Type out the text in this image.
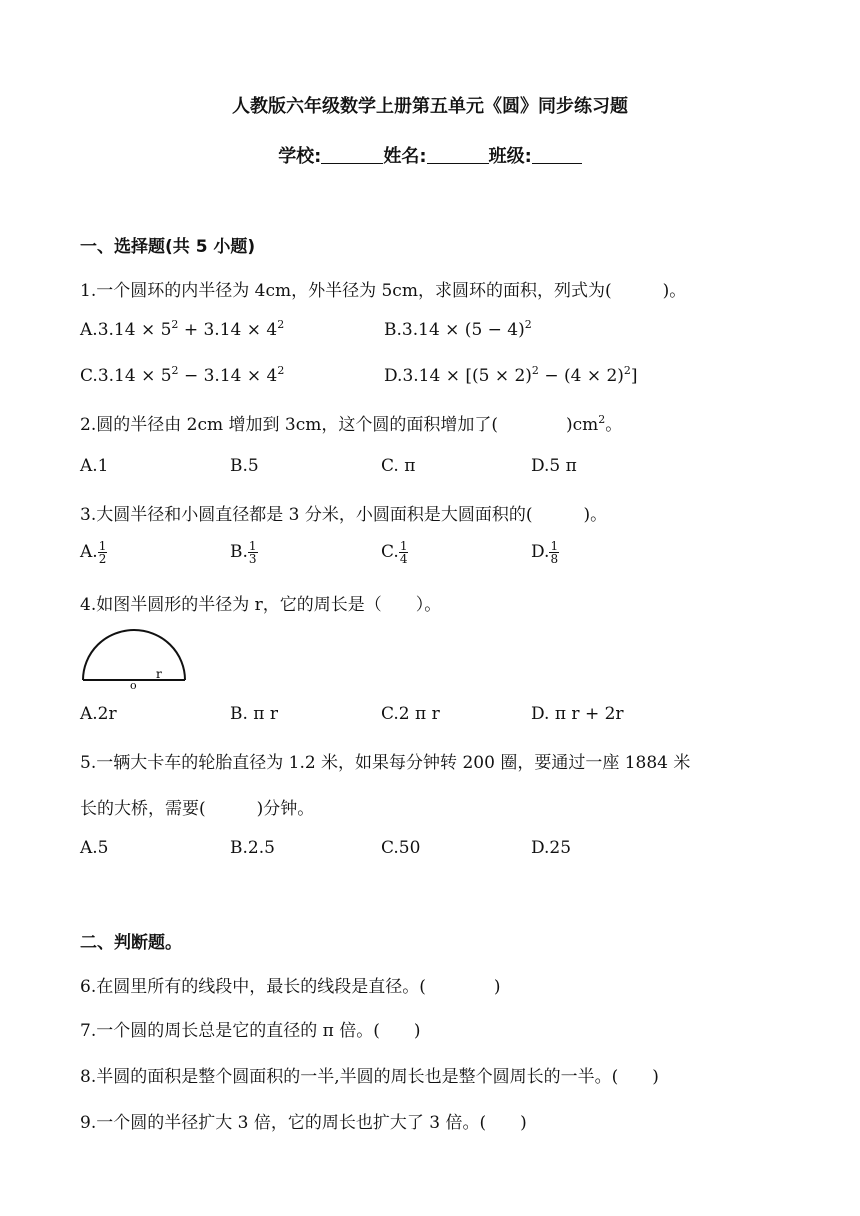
人教版六年级数学上册第五单元《圆》同步练习题
学校:	姓名:	班级:
一、选择题(共 5 小题)
1.一个圆环的内半径为 4cm，外半径为 5cm，求圆环的面积，列式为(　　　)。
$A.3.14 \times 5^2 + 3.14 \times 4^2$	$B.3.14 \times (5 - 4)^2$
$C.3.14 \times 5^2 - 3.14 \times 4^2$	$D.3.14 \times [(5 \times 2)^2 - (4 \times 2)^2]$
2.圆的半径由 2cm 增加到 3cm，这个圆的面积增加了(　　　　)$cm^2$。
A.1	B.5	C. π	D.5 π
3.大圆半径和小圆直径都是 3 分米，小圆面积是大圆面积的(　　　)。
A. $\frac{1}{2}$	B. $\frac{1}{3}$	C. $\frac{1}{4}$	D. $\frac{1}{8}$
4.如图半圆形的半径为 r，它的周长是（　　）。
o
r
A.2r	B. π r	C.2 π r	D. π r + 2r
5.一辆大卡车的轮胎直径为 1.2 米，如果每分钟转 200 圈，要通过一座 1884 米
长的大桥，需要(　　　)分钟。
A.5	B.2.5	C.50	D.25
二、判断题。
6.在圆里所有的线段中，最长的线段是直径。(　　　　)
7.一个圆的周长总是它的直径的 π 倍。(　　)
8.半圆的面积是整个圆面积的一半,半圆的周长也是整个圆周长的一半。(　　)
9.一个圆的半径扩大 3 倍，它的周长也扩大了 3 倍。(　　)
